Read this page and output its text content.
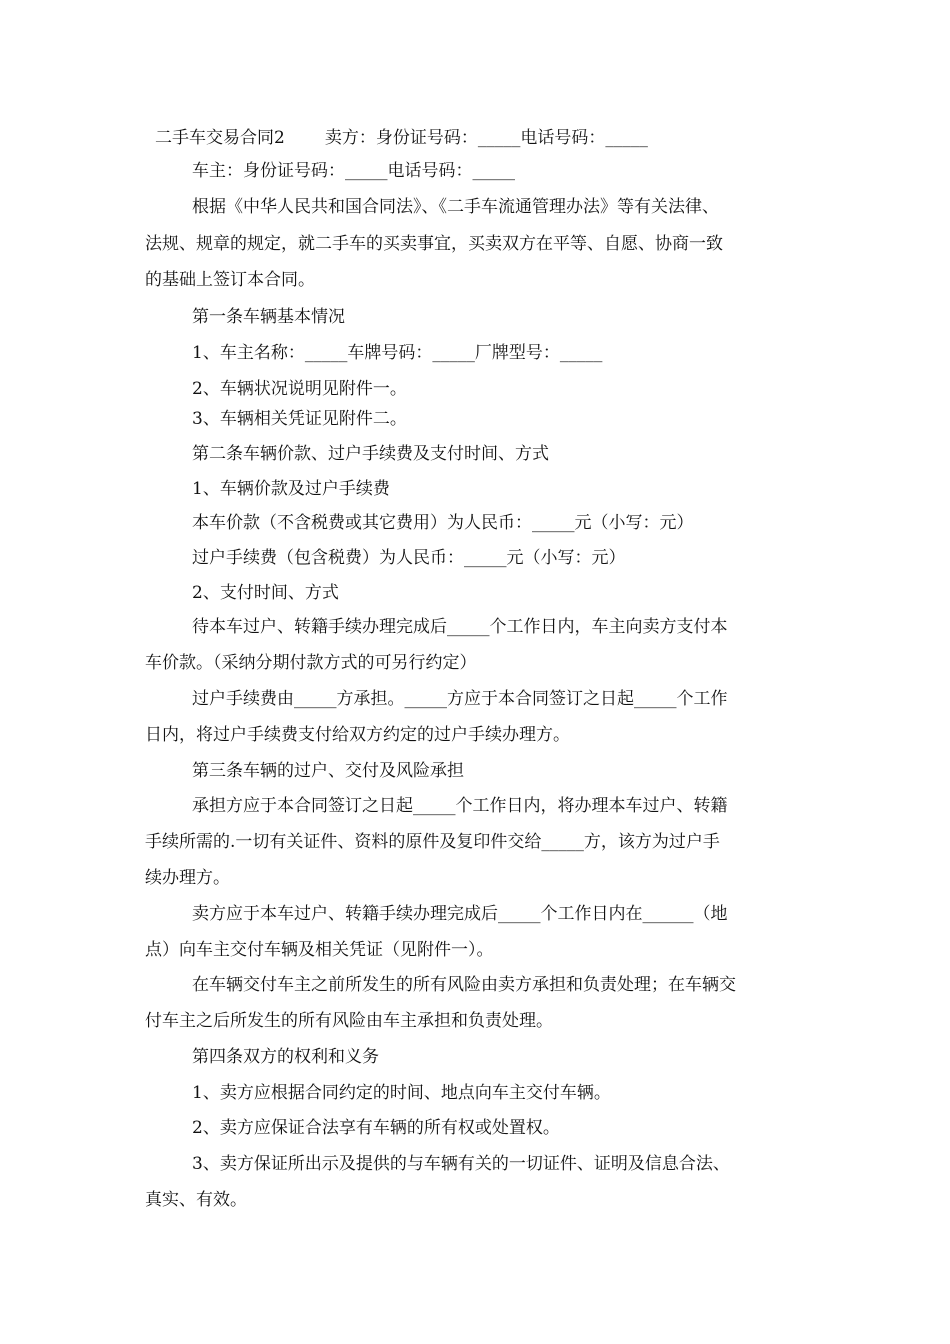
二手车交易合同2 卖方：身份证号码：_____电话号码：_____
车主：身份证号码：_____电话号码：_____
根据《中华人民共和国合同法》、《二手车流通管理办法》等有关法律、
法规、规章的规定，就二手车的买卖事宜，买卖双方在平等、自愿、协商一致
的基础上签订本合同。
第一条车辆基本情况
1、车主名称：_____车牌号码：_____厂牌型号：_____
2、车辆状况说明见附件一。
3、车辆相关凭证见附件二。
第二条车辆价款、过户手续费及支付时间、方式
1、车辆价款及过户手续费
本车价款（不含税费或其它费用）为人民币：_____元（小写：元）
过户手续费（包含税费）为人民币：_____元（小写：元）
2、支付时间、方式
待本车过户、转籍手续办理完成后_____个工作日内，车主向卖方支付本
车价款。（采纳分期付款方式的可另行约定）
过户手续费由_____方承担。_____方应于本合同签订之日起_____个工作
日内，将过户手续费支付给双方约定的过户手续办理方。
第三条车辆的过户、交付及风险承担
承担方应于本合同签订之日起_____个工作日内，将办理本车过户、转籍
手续所需的.一切有关证件、资料的原件及复印件交给_____方，该方为过户手
续办理方。
卖方应于本车过户、转籍手续办理完成后_____个工作日内在______（地
点）向车主交付车辆及相关凭证（见附件一）。
在车辆交付车主之前所发生的所有风险由卖方承担和负责处理；在车辆交
付车主之后所发生的所有风险由车主承担和负责处理。
第四条双方的权利和义务
1、卖方应根据合同约定的时间、地点向车主交付车辆。
2、卖方应保证合法享有车辆的所有权或处置权。
3、卖方保证所出示及提供的与车辆有关的一切证件、证明及信息合法、
真实、有效。
